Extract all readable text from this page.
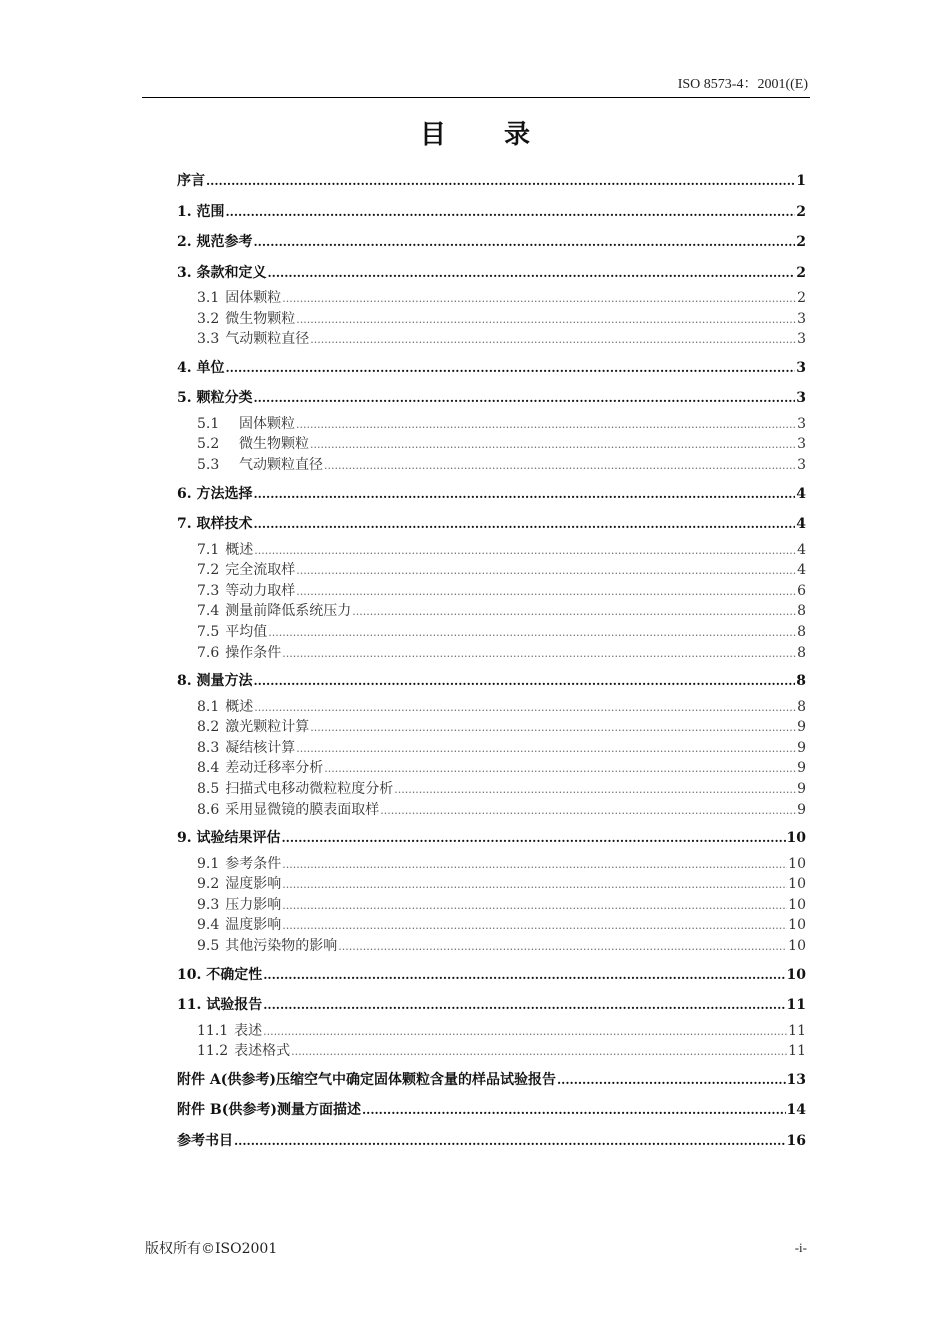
ISO 8573-4：2001((E)
目　录
序言 .....	1
1. 范围 .....	2
2. 规范参考 .....	2
3. 条款和定义 .....	2
3.1 固体颗粒 .....	2
3.2 微生物颗粒 .....	3
3.3 气动颗粒直径 .....	3
4. 单位 .....	3
5. 颗粒分类 .....	3
5.1 固体颗粒 .....	3
5.2 微生物颗粒 .....	3
5.3 气动颗粒直径 .....	3
6. 方法选择 .....	4
7. 取样技术 .....	4
7.1 概述 .....	4
7.2 完全流取样 .....	4
7.3 等动力取样 .....	6
7.4 测量前降低系统压力 .....	8
7.5 平均值 .....	8
7.6 操作条件 .....	8
8. 测量方法 .....	8
8.1 概述 .....	8
8.2 激光颗粒计算 .....	9
8.3 凝结核计算 .....	9
8.4 差动迁移率分析 .....	9
8.5 扫描式电移动微粒粒度分析 .....	9
8.6 采用显微镜的膜表面取样 .....	9
9. 试验结果评估 .....	10
9.1 参考条件 .....	10
9.2 湿度影响 .....	10
9.3 压力影响 .....	10
9.4 温度影响 .....	10
9.5 其他污染物的影响 .....	10
10. 不确定性 .....	10
11. 试验报告 .....	11
11.1 表述 .....	11
11.2 表述格式 .....	11
附件 A(供参考)压缩空气中确定固体颗粒含量的样品试验报告 .....	13
附件 B(供参考)测量方面描述 .....	14
参考书目 .....	16
版权所有©ISO2001	-i-
